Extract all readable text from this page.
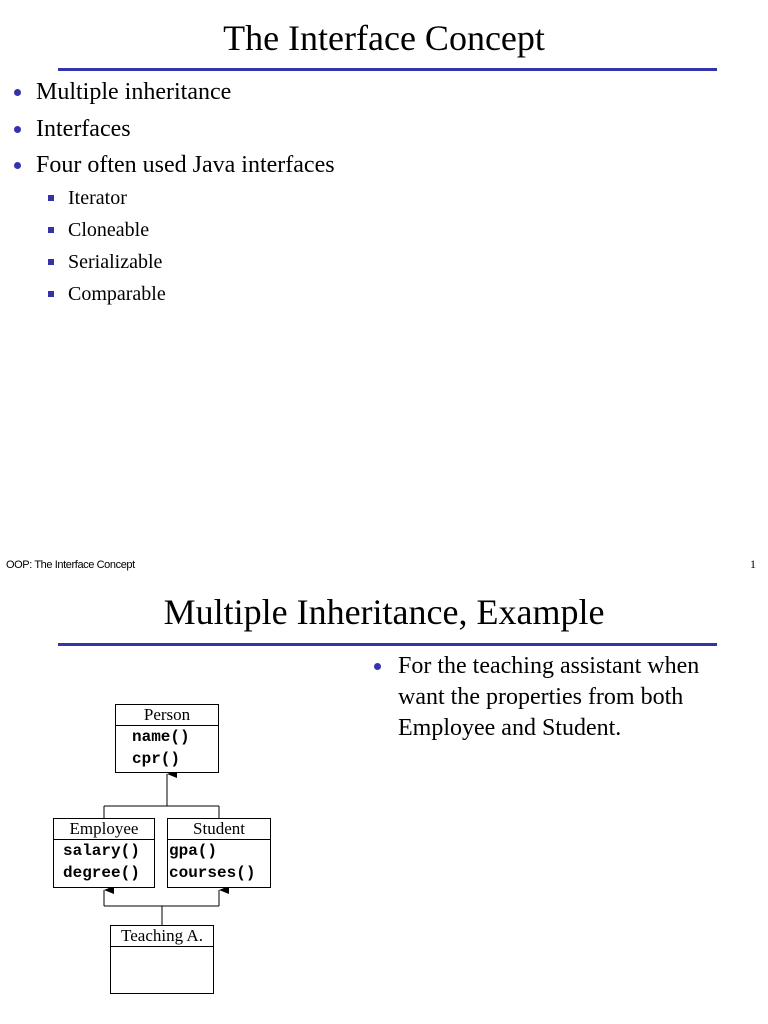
The Interface Concept
Multiple inheritance
Interfaces
Four often used Java interfaces
Iterator
Cloneable
Serializable
Comparable
OOP: The Interface Concept	1
Multiple Inheritance, Example
For the teaching assistant when want the properties from both Employee and Student.
Person
name()
cpr()
Employee
salary()
degree()
Student
gpa()
courses()
Teaching A.
